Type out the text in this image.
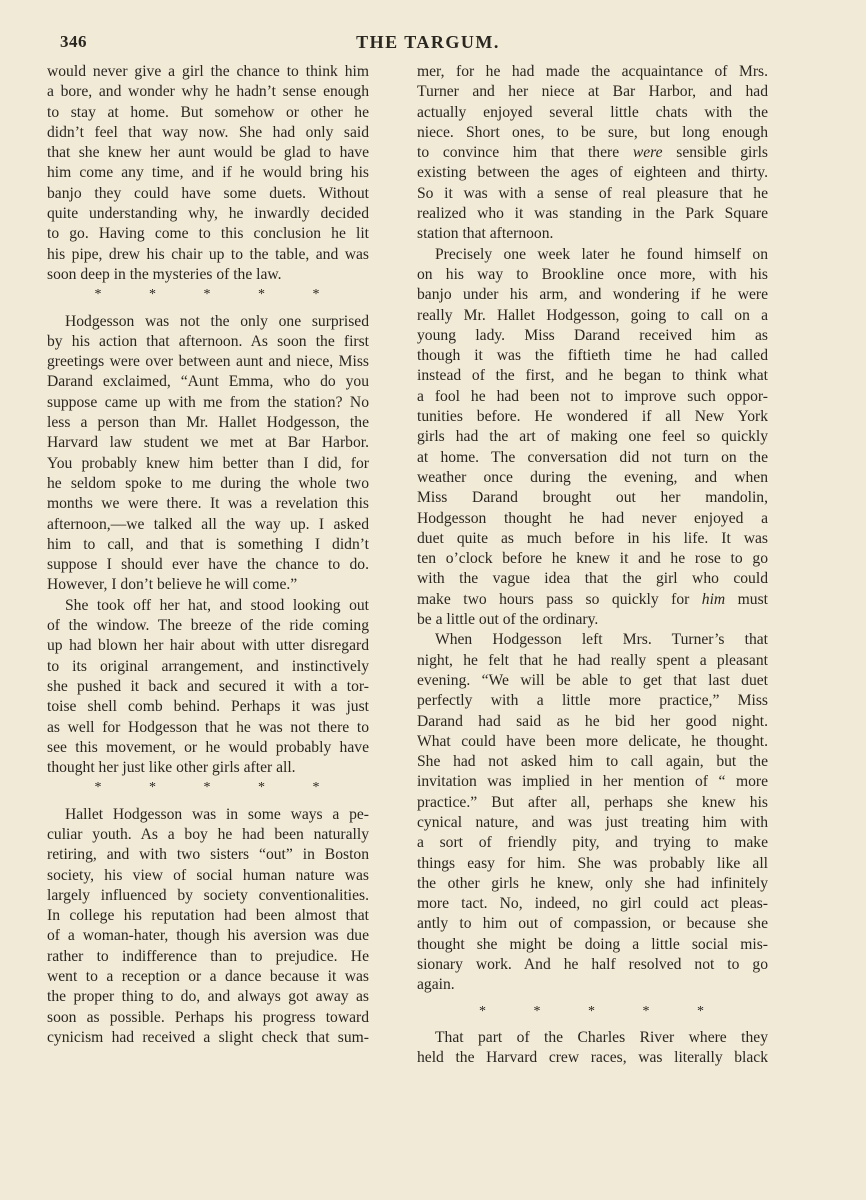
346	THE TARGUM.
would never give a girl the chance to think him
a bore, and wonder why he hadn’t sense enough
to stay at home. But somehow or other he
didn’t feel that way now. She had only said
that she knew her aunt would be glad to have
him come any time, and if he would bring his
banjo they could have some duets. Without
quite understanding why, he inwardly decided
to go. Having come to this conclusion he lit
his pipe, drew his chair up to the table, and was
soon deep in the mysteries of the law.
* * * * *
Hodgesson was not the only one surprised
by his action that afternoon. As soon the first
greetings were over between aunt and niece, Miss
Darand exclaimed, “Aunt Emma, who do you
suppose came up with me from the station? No
less a person than Mr. Hallet Hodgesson, the
Harvard law student we met at Bar Harbor.
You probably knew him better than I did, for
he seldom spoke to me during the whole two
months we were there. It was a revelation this
afternoon,—we talked all the way up. I asked
him to call, and that is something I didn’t
suppose I should ever have the chance to do.
However, I don’t believe he will come.”
She took off her hat, and stood looking out
of the window. The breeze of the ride coming
up had blown her hair about with utter disregard
to its original arrangement, and instinctively
she pushed it back and secured it with a tor-
toise shell comb behind. Perhaps it was just
as well for Hodgesson that he was not there to
see this movement, or he would probably have
thought her just like other girls after all.
* * * * *
Hallet Hodgesson was in some ways a pe-
culiar youth. As a boy he had been naturally
retiring, and with two sisters “out” in Boston
society, his view of social human nature was
largely influenced by society conventionalities.
In college his reputation had been almost that
of a woman-hater, though his aversion was due
rather to indifference than to prejudice. He
went to a reception or a dance because it was
the proper thing to do, and always got away as
soon as possible. Perhaps his progress toward
cynicism had received a slight check that sum-
mer, for he had made the acquaintance of Mrs.
Turner and her niece at Bar Harbor, and had
actually enjoyed several little chats with the
niece. Short ones, to be sure, but long enough
to convince him that there were sensible girls
existing between the ages of eighteen and thirty.
So it was with a sense of real pleasure that he
realized who it was standing in the Park Square
station that afternoon.
Precisely one week later he found himself on
on his way to Brookline once more, with his
banjo under his arm, and wondering if he were
really Mr. Hallet Hodgesson, going to call on a
young lady. Miss Darand received him as
though it was the fiftieth time he had called
instead of the first, and he began to think what
a fool he had been not to improve such oppor-
tunities before. He wondered if all New York
girls had the art of making one feel so quickly
at home. The conversation did not turn on the
weather once during the evening, and when
Miss Darand brought out her mandolin,
Hodgesson thought he had never enjoyed a
duet quite as much before in his life. It was
ten o’clock before he knew it and he rose to go
with the vague idea that the girl who could
make two hours pass so quickly for him must
be a little out of the ordinary.
When Hodgesson left Mrs. Turner’s that
night, he felt that he had really spent a pleasant
evening. “We will be able to get that last duet
perfectly with a little more practice,” Miss
Darand had said as he bid her good night.
What could have been more delicate, he thought.
She had not asked him to call again, but the
invitation was implied in her mention of “ more
practice.” But after all, perhaps she knew his
cynical nature, and was just treating him with
a sort of friendly pity, and trying to make
things easy for him. She was probably like all
the other girls he knew, only she had infinitely
more tact. No, indeed, no girl could act pleas-
antly to him out of compassion, or because she
thought she might be doing a little social mis-
sionary work. And he half resolved not to go
again.
* * * * *
That part of the Charles River where they
held the Harvard crew races, was literally black
